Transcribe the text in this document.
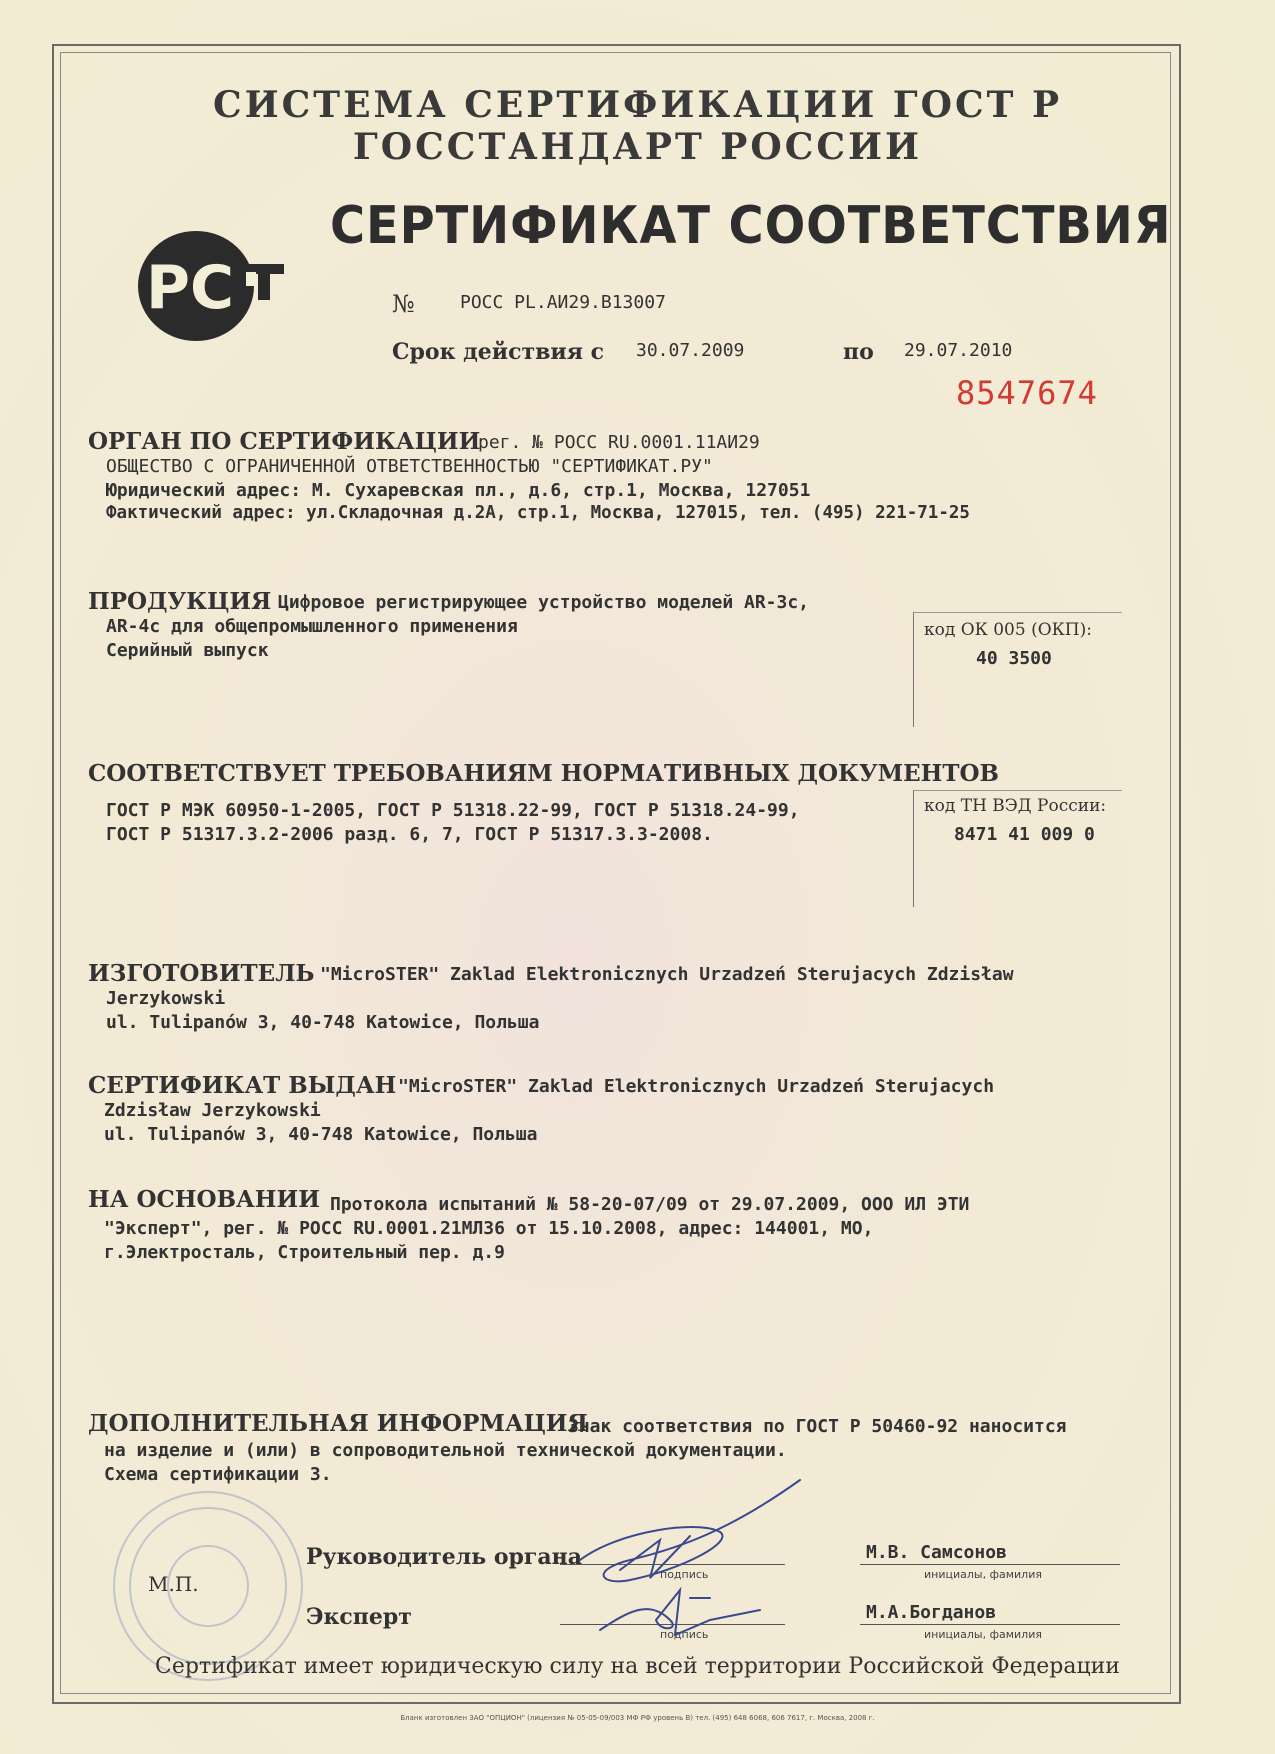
СИСТЕМА СЕРТИФИКАЦИИ ГОСТ Р
ГОССТАНДАРТ РОССИИ
РС
СЕРТИФИКАТ СООТВЕТСТВИЯ
№	РОСС PL.АИ29.В13007
Срок действия с 30.07.2009	по 29.07.2010
8547674
ОРГАН ПО СЕРТИФИКАЦИИ
рег. № РОСС RU.0001.11АИ29
ОБЩЕСТВО С ОГРАНИЧЕННОЙ ОТВЕТСТВЕННОСТЬЮ "СЕРТИФИКАТ.РУ"
Юридический адрес: М. Сухаревская пл., д.6, стр.1, Москва, 127051
Фактический адрес: ул.Складочная д.2А, стр.1, Москва, 127015, тел. (495) 221-71-25
ПРОДУКЦИЯ Цифровое регистрирующее устройство моделей AR-3с,
AR-4с для общепромышленного применения
Серийный выпуск
код ОК 005 (ОКП):
40 3500
СООТВЕТСТВУЕТ ТРЕБОВАНИЯМ НОРМАТИВНЫХ ДОКУМЕНТОВ
ГОСТ Р МЭК 60950-1-2005, ГОСТ Р 51318.22-99, ГОСТ Р 51318.24-99,
ГОСТ Р 51317.3.2-2006 разд. 6, 7, ГОСТ Р 51317.3.3-2008.
код ТН ВЭД России:
8471 41 009 0
ИЗГОТОВИТЕЛЬ "MicroSTER" Zaklad Elektronicznych Urzadzeń Sterujacych Zdzisław
Jerzykowski
ul. Tulipanów 3, 40-748 Katowice, Польша
СЕРТИФИКАТ ВЫДАН "MicroSTER" Zaklad Elektronicznych Urzadzeń Sterujacych
Zdzisław Jerzykowski
ul. Tulipanów 3, 40-748 Katowice, Польша
НА ОСНОВАНИИ Протокола испытаний № 58-20-07/09 от 29.07.2009, ООО ИЛ ЭТИ
"Эксперт", рег. № РОСС RU.0001.21МЛ36 от 15.10.2008, адрес: 144001, МО,
г.Электросталь, Строительный пер. д.9
ДОПОЛНИТЕЛЬНАЯ ИНФОРМАЦИЯ
Знак соответствия по ГОСТ Р 50460-92 наносится
на изделие и (или) в сопроводительной технической документации.
Схема сертификации 3.
М.П.
Руководитель органа
подпись
М.В. Самсонов
инициалы, фамилия
Эксперт
подпись
М.А.Богданов
инициалы, фамилия
Сертификат имеет юридическую силу на всей территории Российской Федерации
Бланк изготовлен ЗАО "ОПЦИОН" (лицензия № 05-05-09/003 МФ РФ уровень В) тел. (495) 648 6068, 606 7617, г. Москва, 2008 г.
